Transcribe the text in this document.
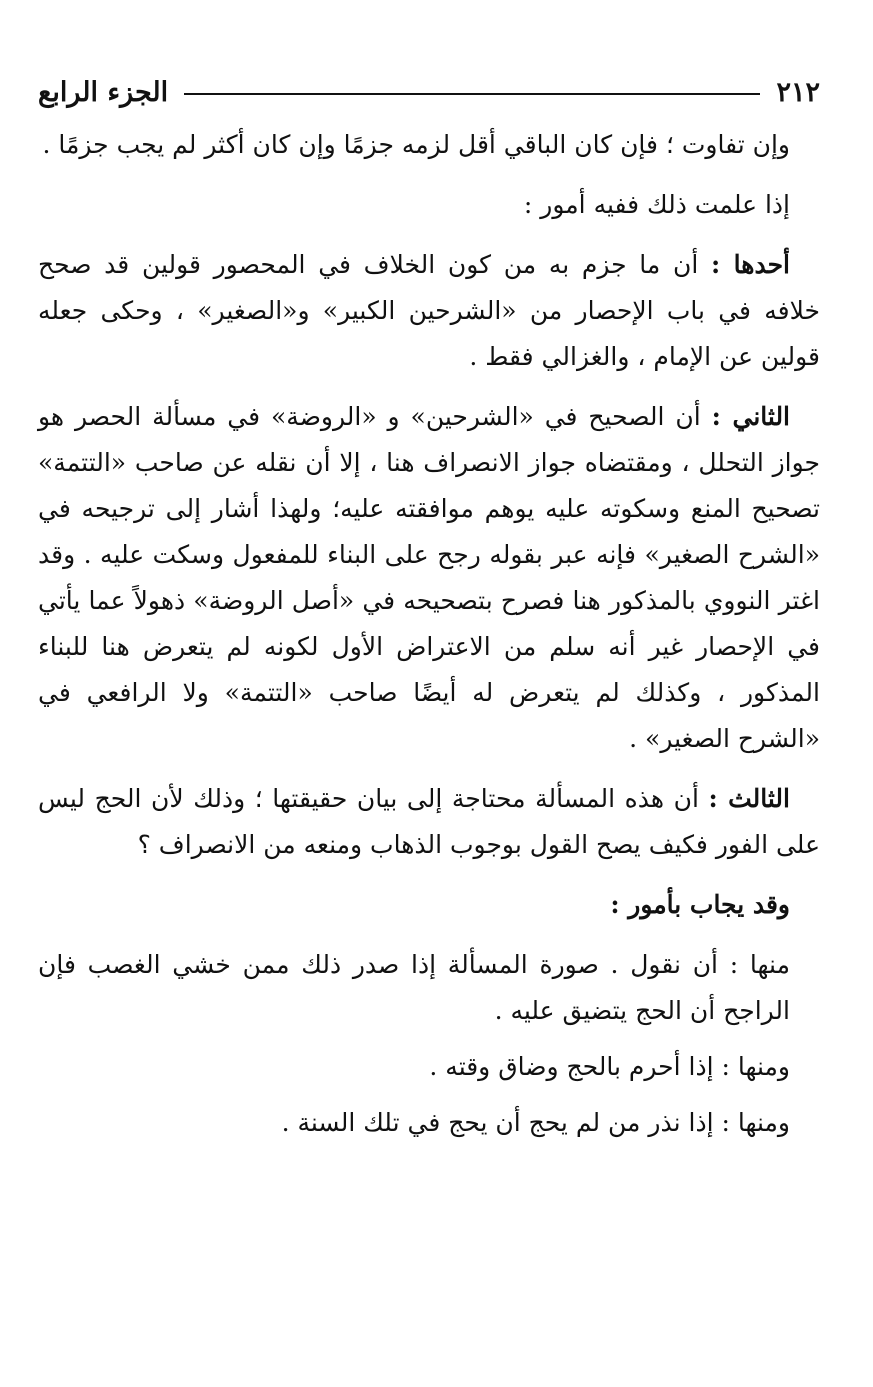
٢١٢
الجزء الرابع

وإن تفاوت ؛ فإن كان الباقي أقل لزمه جزمًا وإن كان أكثر لم يجب جزمًا .

إذا علمت ذلك ففيه أمور :

أحدها : أن ما جزم به من كون الخلاف في المحصور قولين قد صحح خلافه في باب الإحصار من «الشرحين الكبير» و«الصغير» ، وحكى جعله قولين عن الإمام ، والغزالي فقط .

الثاني : أن الصحيح في «الشرحين» و «الروضة» في مسألة الحصر هو جواز التحلل ، ومقتضاه جواز الانصراف هنا ، إلا أن نقله عن صاحب «التتمة» تصحيح المنع وسكوته عليه يوهم موافقته عليه؛ ولهذا أشار إلى ترجيحه في «الشرح الصغير» فإنه عبر بقوله رجح على البناء للمفعول وسكت عليه . وقد اغتر النووي بالمذكور هنا فصرح بتصحيحه في «أصل الروضة» ذهولاً عما يأتي في الإحصار غير أنه سلم من الاعتراض الأول لكونه لم يتعرض هنا للبناء المذكور ، وكذلك لم يتعرض له أيضًا صاحب «التتمة» ولا الرافعي في «الشرح الصغير» .

الثالث : أن هذه المسألة محتاجة إلى بيان حقيقتها ؛ وذلك لأن الحج ليس على الفور فكيف يصح القول بوجوب الذهاب ومنعه من الانصراف ؟

وقد يجاب بأمور :

منها : أن نقول . صورة المسألة إذا صدر ذلك ممن خشي الغصب فإن الراجح أن الحج يتضيق عليه .

ومنها : إذا أحرم بالحج وضاق وقته .

ومنها : إذا نذر من لم يحج أن يحج في تلك السنة .
